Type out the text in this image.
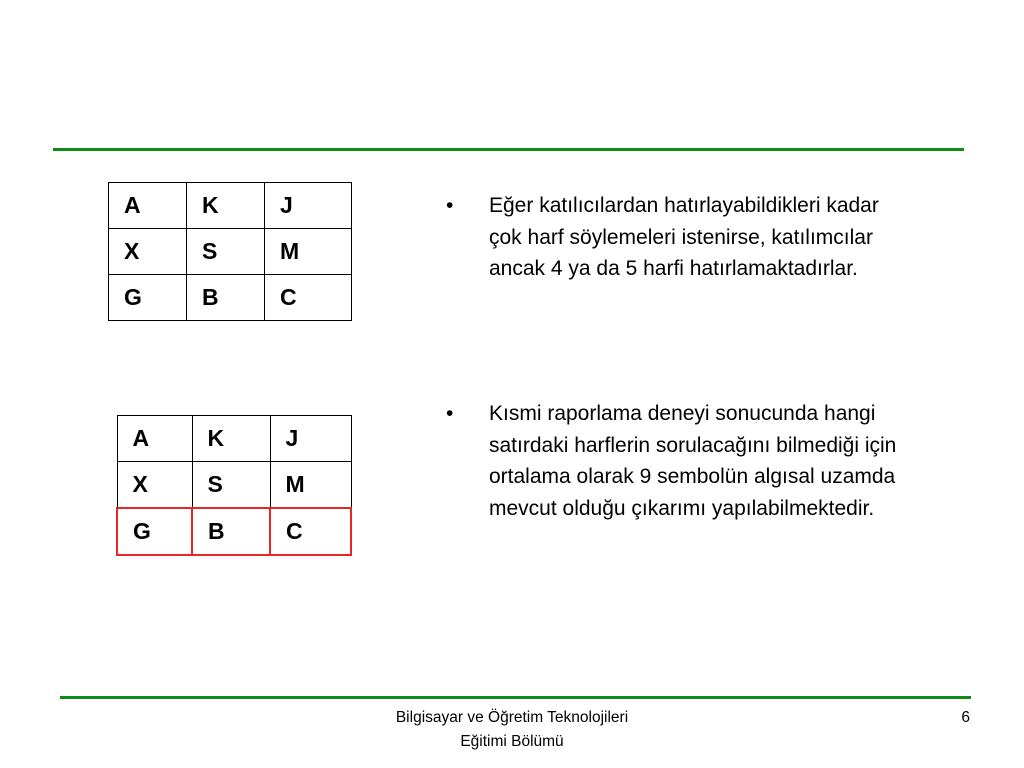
A	K	J
X	S	M
G	B	C
A	K	J
X	S	M
G	B	C
•	Eğer katılıcılardan hatırlayabildikleri kadar
çok harf söylemeleri istenirse, katılımcılar
ancak 4 ya da 5 harfi hatırlamaktadırlar.
•	Kısmi raporlama deneyi sonucunda hangi
satırdaki harflerin sorulacağını bilmediği için
ortalama olarak 9 sembolün algısal uzamda
mevcut olduğu çıkarımı yapılabilmektedir.
Bilgisayar ve Öğretim Teknolojileri
Eğitimi Bölümü
6
